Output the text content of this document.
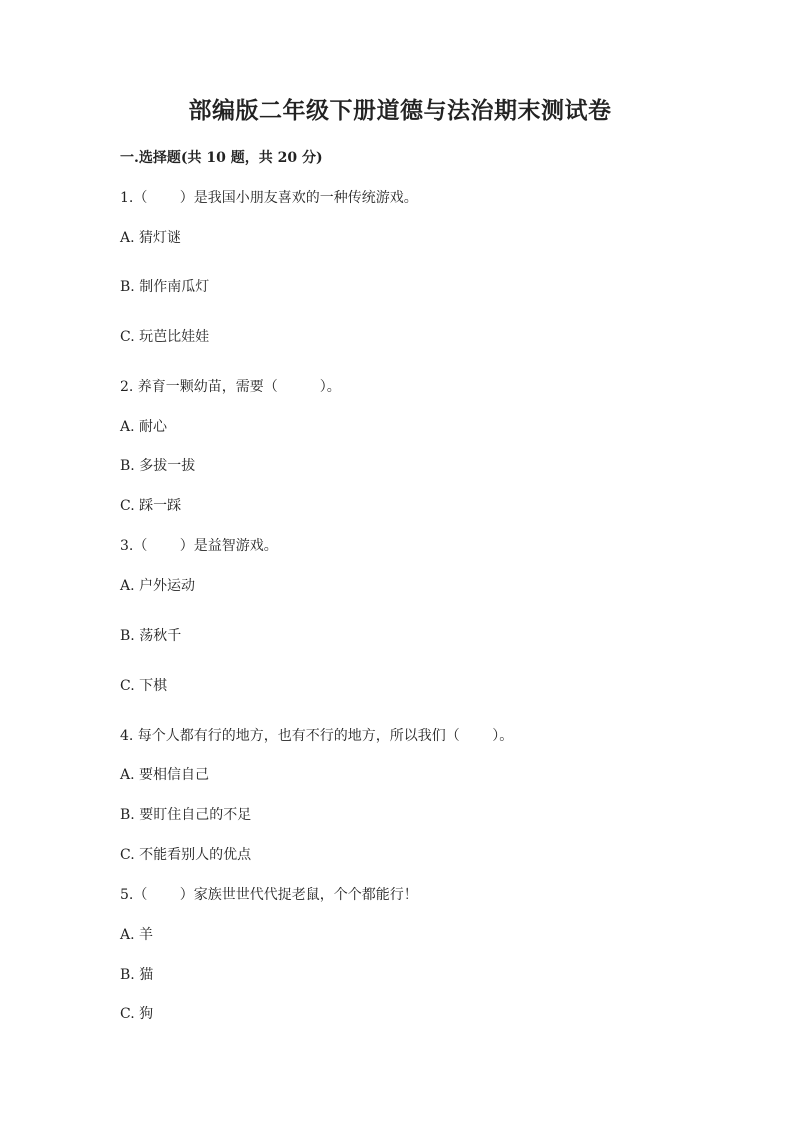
部编版二年级下册道德与法治期末测试卷
一.选择题(共 10 题，共 20 分)
1.（　　 ）是我国小朋友喜欢的一种传统游戏。
A. 猜灯谜
B. 制作南瓜灯
C. 玩芭比娃娃
2. 养育一颗幼苗，需要（　　　）。
A. 耐心
B. 多拔一拔
C. 踩一踩
3.（　　 ）是益智游戏。
A. 户外运动
B. 荡秋千
C. 下棋
4. 每个人都有行的地方，也有不行的地方，所以我们（　　 ）。
A. 要相信自己
B. 要盯住自己的不足
C. 不能看别人的优点
5.（　　 ）家族世世代代捉老鼠，个个都能行！
A. 羊
B. 猫
C. 狗
